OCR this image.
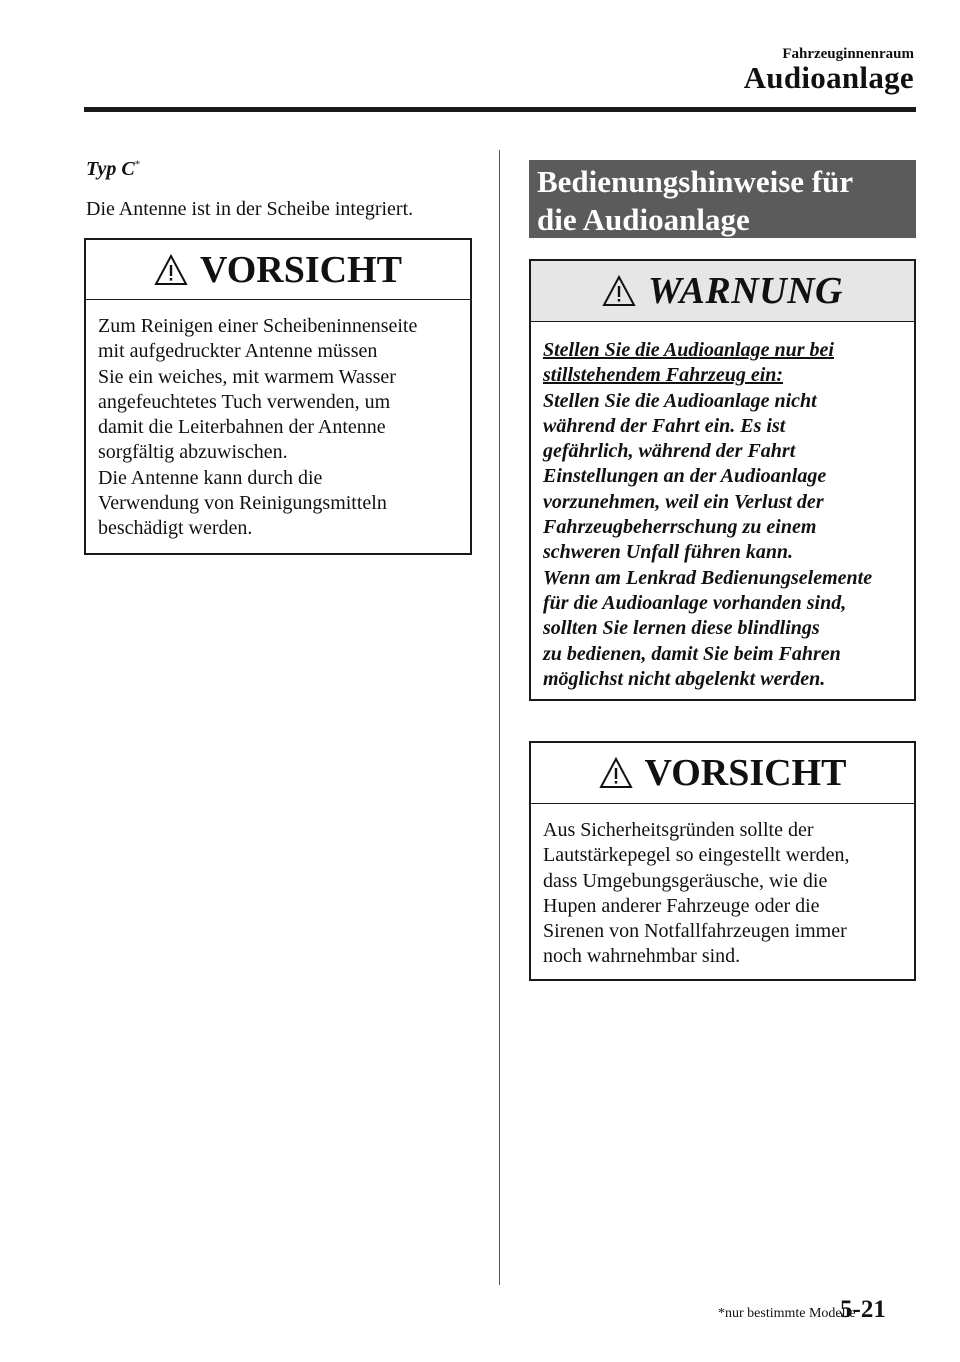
Fahrzeuginnenraum
Audioanlage
Typ C*
Die Antenne ist in der Scheibe integriert.
VORSICHT

Zum Reinigen einer Scheibeninnenseite

mit aufgedruckter Antenne müssen

Sie ein weiches, mit warmem Wasser

angefeuchtetes Tuch verwenden, um

damit die Leiterbahnen der Antenne

sorgfältig abzuwischen.

Die Antenne kann durch die

Verwendung von Reinigungsmitteln

beschädigt werden.

Bedienungshinweise für
die Audioanlage
WARNUNG

Stellen Sie die Audioanlage nur bei

stillstehendem Fahrzeug ein:

Stellen Sie die Audioanlage nicht

während der Fahrt ein. Es ist

gefährlich, während der Fahrt

Einstellungen an der Audioanlage

vorzunehmen, weil ein Verlust der

Fahrzeugbeherrschung zu einem

schweren Unfall führen kann.

Wenn am Lenkrad Bedienungselemente

für die Audioanlage vorhanden sind,

sollten Sie lernen diese blindlings

zu bedienen, damit Sie beim Fahren

möglichst nicht abgelenkt werden.

VORSICHT

Aus Sicherheitsgründen sollte der

Lautstärkepegel so eingestellt werden,

dass Umgebungsgeräusche, wie die

Hupen anderer Fahrzeuge oder die

Sirenen von Notfallfahrzeugen immer

noch wahrnehmbar sind.

*nur bestimmte Modelle
5-21
